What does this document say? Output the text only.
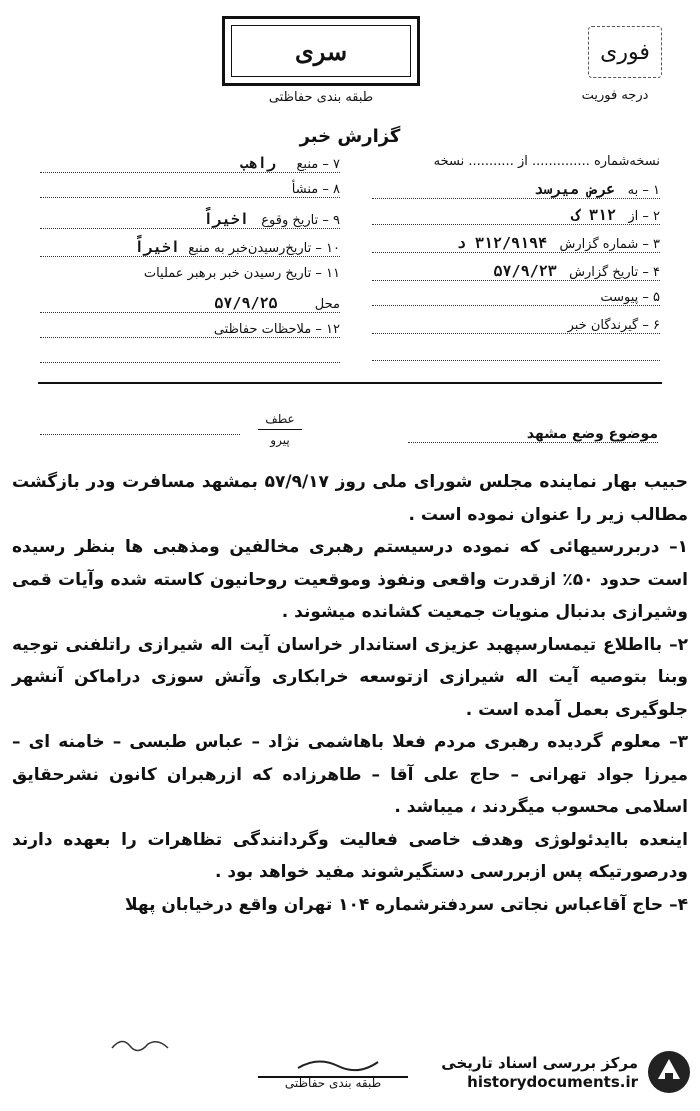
سری
طبقه بندی حفاظتی
فوری
درجه فوریت
گزارش خبر
نسخه‌شماره .............. از ........... نسخه
۱ – به   عرض میرسد
۲ – از   ۳۱۲ ک
۳ – شماره گزارش   ۳۱۲/۹۱۹۴ د
۴ – تاریخ گزارش   ۵۷/۹/۲۳
۵ – پیوست
۶ – گیرندگان خبر
۷ – منبع     راهب
۸ – منشأ
۹ – تاریخ وقوع   اخیراً
۱۰ – تاریخ‌رسیدن‌خبر به منبع  اخیراً
۱۱ – تاریخ رسیدن خبر برهبر عملیات
محل         ۵۷/۹/۲۵
۱۲ – ملاحظات حفاظتی
عطف
پیرو	موضوع وضع مشهد

حبیب بهار نماینده مجلس شورای ملی روز ۵۷/۹/۱۷ بمشهد مسافرت ودر بازگشت مطالب زیر را عنوان نموده است .

۱– دربررسیهائی که نموده درسیستم رهبری مخالفین ومذهبی ها بنظر رسیده است حدود ۵۰٪ ازقدرت واقعی ونفوذ وموقعیت روحانیون کاسته شده وآیات قمی وشیرازی بدنبال منویات جمعیت کشانده میشوند .

۲– بااطلاع تیمسارسپهبد عزیزی استاندار خراسان آیت اله شیرازی راتلفنی توجیه وبنا بتوصیه آیت اله شیرازی ازتوسعه خرابکاری وآتش سوزی دراماکن آنشهر جلوگیری بعمل آمده است .

۳– معلوم گردیده رهبری مردم فعلا باهاشمی نژاد – عباس طبسی – خامنه ای – میرزا جواد تهرانی – حاج علی آقا – طاهرزاده که ازرهبران کانون نشرحقایق اسلامی محسوب میگردند ، میباشد .

اینعده باایدئولوژی وهدف خاصی فعالیت وگردانندگی تظاهرات را بعهده دارند ودرصورتیکه پس ازبررسی دستگیرشوند مفید خواهد بود .

۴– حاج آقاعباس نجاتی سردفترشماره ۱۰۴ تهران واقع درخیابان پهلا

طبقه بندی حفاظتی
مرکز بررسی اسناد تاریخی
historydocuments.ir
